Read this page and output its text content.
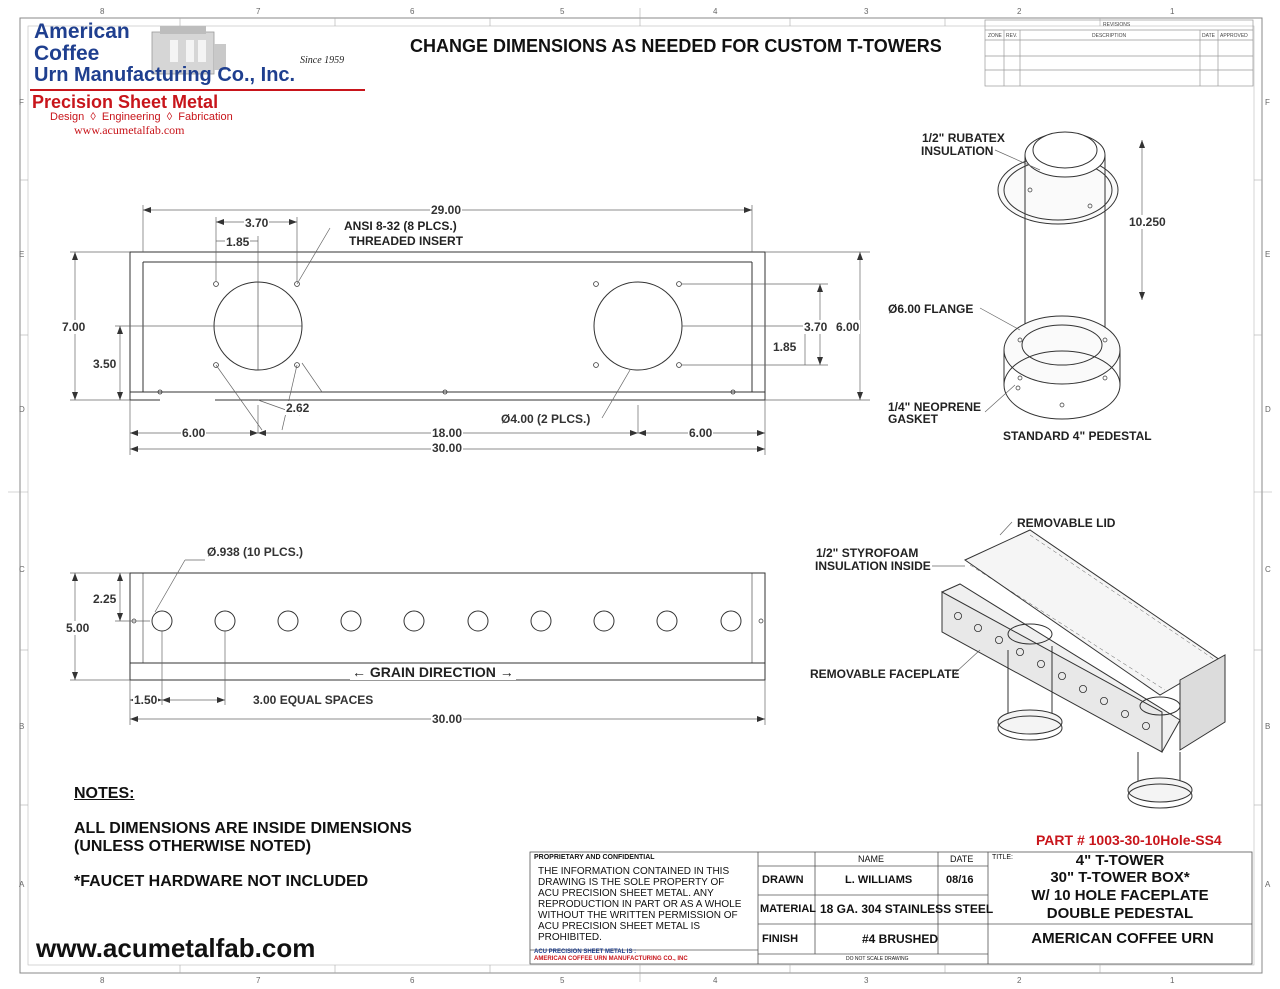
8	7	6	5	4	3	2	1
8	7	6	5	4	3	2	1
F
E
D
C
B
A
F
E
D
C
B
A
American
Coffee
Urn Manufacturing Co., Inc.
Since 1959
Precision Sheet Metal
Design  ◊  Engineering  ◊  Fabrication
www.acumetalfab.com
CHANGE DIMENSIONS AS NEEDED FOR CUSTOM T-TOWERS
REVISIONS
ZONE REV.	DESCRIPTION	DATE APPROVED
29.00
3.70
1.85
ANSI 8-32 (8 PLCS.)
THREADED INSERT
7.00
3.50
3.70 6.00
1.85
2.62
Ø4.00 (2 PLCS.)
6.00	18.00	6.00
30.00
Ø.938 (10 PLCS.)
2.25
5.00
← GRAIN DIRECTION →
1.50	3.00 EQUAL SPACES
30.00
1/2" RUBATEX
INSULATION
10.250
Ø6.00 FLANGE
1/4" NEOPRENE
GASKET
STANDARD 4" PEDESTAL
REMOVABLE LID
1/2" STYROFOAM
INSULATION INSIDE
REMOVABLE FACEPLATE
NOTES:
ALL DIMENSIONS ARE INSIDE DIMENSIONS
(UNLESS OTHERWISE NOTED)
*FAUCET HARDWARE NOT INCLUDED
www.acumetalfab.com
PART # 1003-30-10Hole-SS4
PROPRIETARY AND CONFIDENTIAL
THE INFORMATION CONTAINED IN THIS
DRAWING IS THE SOLE PROPERTY OF
ACU PRECISION SHEET METAL. ANY
REPRODUCTION IN PART OR AS A WHOLE
WITHOUT THE WRITTEN PERMISSION OF
ACU PRECISION SHEET METAL IS
PROHIBITED.
ACU PRECISION SHEET METAL IS :
AMERICAN COFFEE URN MANUFACTURING CO., INC
NAME	DATE	TITLE:
DRAWN	L. WILLIAMS	08/16
MATERIAL 18 GA. 304 STAINLESS STEEL
FINISH	#4 BRUSHED
DO NOT SCALE DRAWING
4" T-TOWER
30" T-TOWER BOX*
W/ 10 HOLE FACEPLATE
DOUBLE PEDESTAL
AMERICAN COFFEE URN
